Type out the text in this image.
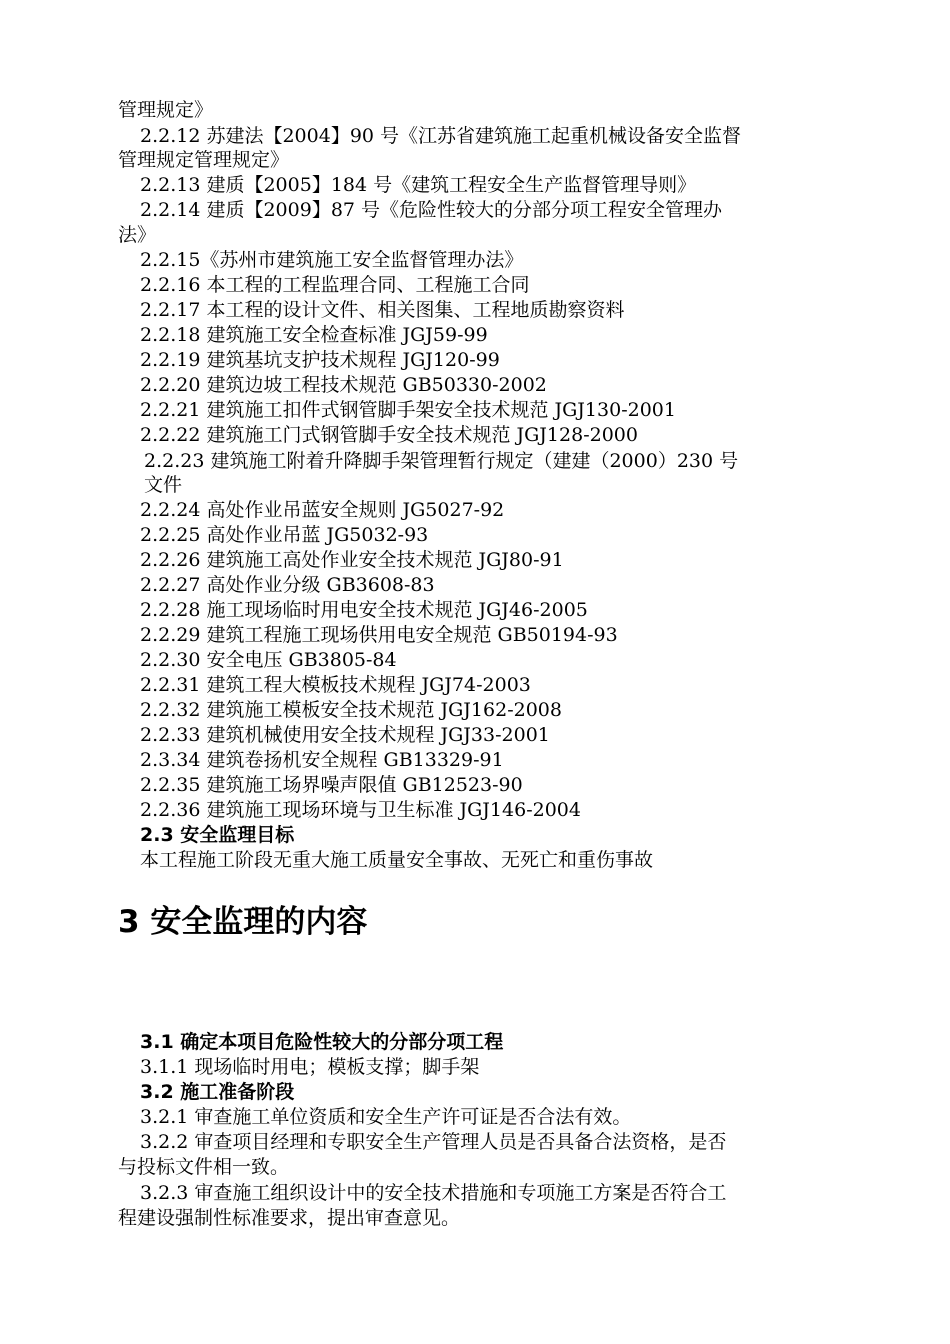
管理规定》
2.2.12 苏建法【2004】90 号《江苏省建筑施工起重机械设备安全监督
管理规定管理规定》
2.2.13 建质【2005】184 号《建筑工程安全生产监督管理导则》
2.2.14 建质【2009】87 号《危险性较大的分部分项工程安全管理办
法》
2.2.15《苏州市建筑施工安全监督管理办法》
2.2.16 本工程的工程监理合同、工程施工合同
2.2.17 本工程的设计文件、相关图集、工程地质勘察资料
2.2.18 建筑施工安全检查标准 JGJ59-99
2.2.19 建筑基坑支护技术规程 JGJ120-99
2.2.20 建筑边坡工程技术规范 GB50330-2002
2.2.21 建筑施工扣件式钢管脚手架安全技术规范 JGJ130-2001
2.2.22 建筑施工门式钢管脚手安全技术规范 JGJ128-2000
2.2.23 建筑施工附着升降脚手架管理暂行规定（建建（2000）230 号
文件
2.2.24 高处作业吊蓝安全规则 JG5027-92
2.2.25 高处作业吊蓝 JG5032-93
2.2.26 建筑施工高处作业安全技术规范 JGJ80-91
2.2.27 高处作业分级 GB3608-83
2.2.28 施工现场临时用电安全技术规范 JGJ46-2005
2.2.29 建筑工程施工现场供用电安全规范 GB50194-93
2.2.30 安全电压 GB3805-84
2.2.31 建筑工程大模板技术规程 JGJ74-2003
2.2.32 建筑施工模板安全技术规范 JGJ162-2008
2.2.33 建筑机械使用安全技术规程 JGJ33-2001
2.3.34 建筑卷扬机安全规程 GB13329-91
2.2.35 建筑施工场界噪声限值 GB12523-90
2.2.36 建筑施工现场环境与卫生标准 JGJ146-2004
2.3 安全监理目标
本工程施工阶段无重大施工质量安全事故、无死亡和重伤事故
3 安全监理的内容
3.1 确定本项目危险性较大的分部分项工程
3.1.1 现场临时用电；模板支撑；脚手架
3.2 施工准备阶段
3.2.1 审查施工单位资质和安全生产许可证是否合法有效。
3.2.2 审查项目经理和专职安全生产管理人员是否具备合法资格，是否
与投标文件相一致。
3.2.3 审查施工组织设计中的安全技术措施和专项施工方案是否符合工
程建设强制性标准要求，提出审查意见。
